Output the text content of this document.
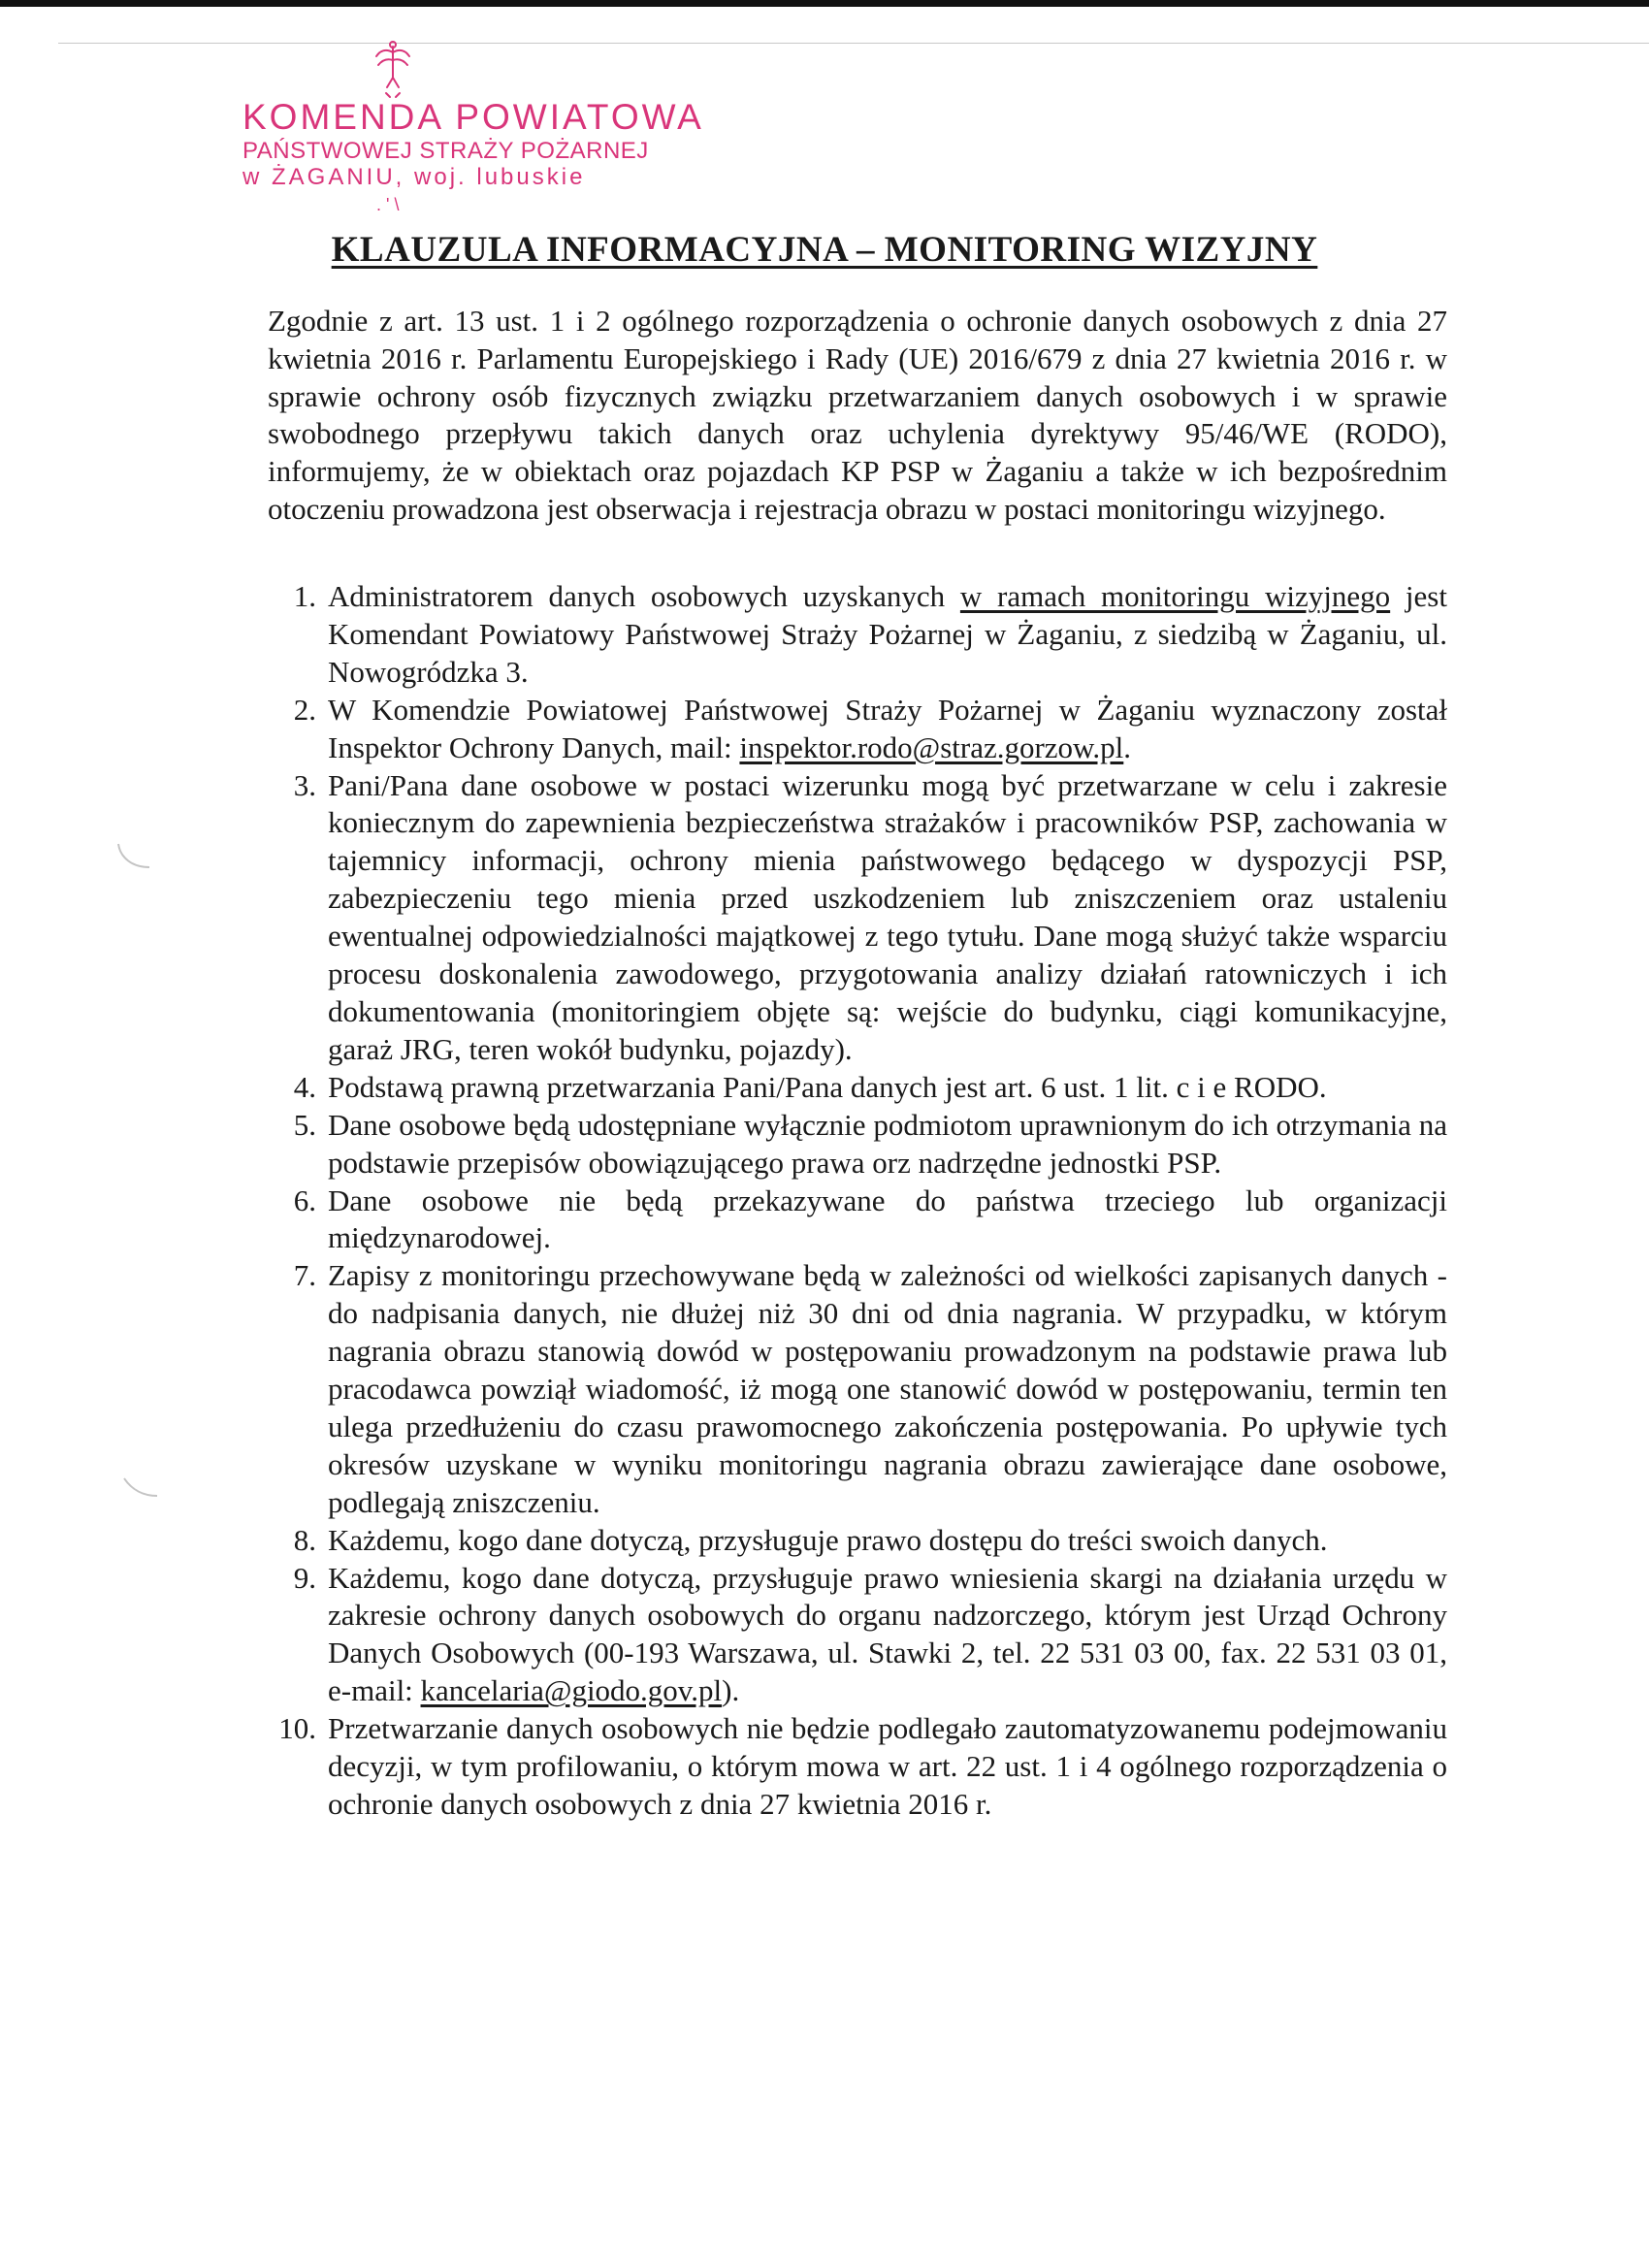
KOMENDA POWIATOWA
PAŃSTWOWEJ STRAŻY POŻARNEJ
w ŻAGANIU, woj. lubuskie
. ' \
KLAUZULA INFORMACYJNA – MONITORING WIZYJNY

Zgodnie z art. 13 ust. 1 i 2 ogólnego rozporządzenia o ochronie danych osobowych z dnia 27 kwietnia 2016 r. Parlamentu Europejskiego i Rady (UE) 2016/679 z dnia 27 kwietnia 2016 r. w sprawie ochrony osób fizycznych związku przetwarzaniem danych osobowych i w sprawie swobodnego przepływu takich danych oraz uchylenia dyrektywy 95/46/WE (RODO), informujemy, że w obiektach oraz pojazdach KP PSP w Żaganiu a także w ich bezpośrednim otoczeniu prowadzona jest obserwacja i rejestracja obrazu w postaci monitoringu wizyjnego.

1. Administratorem danych osobowych uzyskanych w ramach monitoringu wizyjnego jest Komendant Powiatowy Państwowej Straży Pożarnej w Żaganiu, z siedzibą w Żaganiu, ul. Nowogródzka 3.
2. W Komendzie Powiatowej Państwowej Straży Pożarnej w Żaganiu wyznaczony został Inspektor Ochrony Danych, mail: inspektor.rodo@straz.gorzow.pl.
3. Pani/Pana dane osobowe w postaci wizerunku mogą być przetwarzane w celu i zakresie koniecznym do zapewnienia bezpieczeństwa strażaków i pracowników PSP, zachowania w tajemnicy informacji, ochrony mienia państwowego będącego w dyspozycji PSP, zabezpieczeniu tego mienia przed uszkodzeniem lub zniszczeniem oraz ustaleniu ewentualnej odpowiedzialności majątkowej z tego tytułu. Dane mogą służyć także wsparciu procesu doskonalenia zawodowego, przygotowania analizy działań ratowniczych i ich dokumentowania (monitoringiem objęte są: wejście do budynku, ciągi komunikacyjne, garaż JRG, teren wokół budynku, pojazdy).
4. Podstawą prawną przetwarzania Pani/Pana danych jest art. 6 ust. 1 lit. c i e RODO.
5. Dane osobowe będą udostępniane wyłącznie podmiotom uprawnionym do ich otrzymania na podstawie przepisów obowiązującego prawa orz nadrzędne jednostki PSP.
6. Dane osobowe nie będą przekazywane do państwa trzeciego lub organizacji międzynarodowej.
7. Zapisy z monitoringu przechowywane będą w zależności od wielkości zapisanych danych - do nadpisania danych, nie dłużej niż 30 dni od dnia nagrania. W przypadku, w którym nagrania obrazu stanowią dowód w postępowaniu prowadzonym na podstawie prawa lub pracodawca powziął wiadomość, iż mogą one stanowić dowód w postępowaniu, termin ten ulega przedłużeniu do czasu prawomocnego zakończenia postępowania. Po upływie tych okresów uzyskane w wyniku monitoringu nagrania obrazu zawierające dane osobowe, podlegają zniszczeniu.
8. Każdemu, kogo dane dotyczą, przysługuje prawo dostępu do treści swoich danych.
9. Każdemu, kogo dane dotyczą, przysługuje prawo wniesienia skargi na działania urzędu w zakresie ochrony danych osobowych do organu nadzorczego, którym jest Urząd Ochrony Danych Osobowych (00-193 Warszawa, ul. Stawki 2, tel. 22 531 03 00, fax. 22 531 03 01, e-mail: kancelaria@giodo.gov.pl).
10. Przetwarzanie danych osobowych nie będzie podlegało zautomatyzowanemu podejmowaniu decyzji, w tym profilowaniu, o którym mowa w art. 22 ust. 1 i 4 ogólnego rozporządzenia o ochronie danych osobowych z dnia 27 kwietnia 2016 r.
